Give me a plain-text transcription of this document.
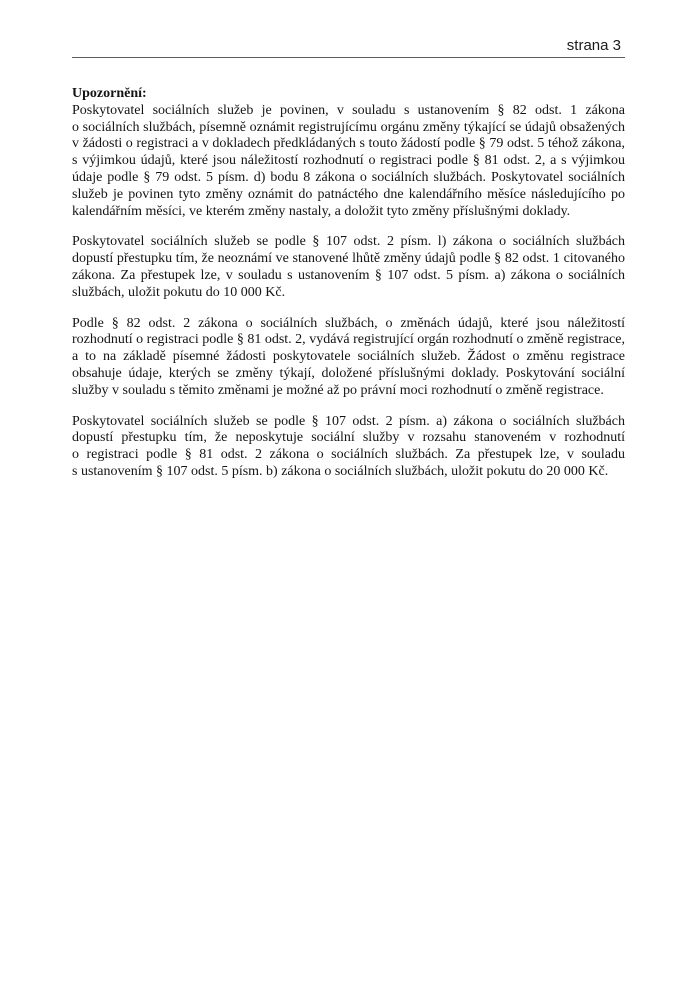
strana 3

Upozornění:

Poskytovatel sociálních služeb je povinen, v souladu s ustanovením § 82 odst. 1 zákona o sociálních službách, písemně oznámit registrujícímu orgánu změny týkající se údajů obsažených v žádosti o registraci a v dokladech předkládaných s touto žádostí podle § 79 odst. 5 téhož zákona, s výjimkou údajů, které jsou náležitostí rozhodnutí o registraci podle § 81 odst. 2, a s výjimkou údaje podle § 79 odst. 5 písm. d) bodu 8 zákona o sociálních službách. Poskytovatel sociálních služeb je povinen tyto změny oznámit do patnáctého dne kalendářního měsíce následujícího po kalendářním měsíci, ve kterém změny nastaly, a doložit tyto změny příslušnými doklady.

Poskytovatel sociálních služeb se podle § 107 odst. 2 písm. l) zákona o sociálních službách dopustí přestupku tím, že neoznámí ve stanovené lhůtě změny údajů podle § 82 odst. 1 citovaného zákona. Za přestupek lze, v souladu s ustanovením § 107 odst. 5 písm. a) zákona o sociálních službách, uložit pokutu do 10 000 Kč.

Podle § 82 odst. 2 zákona o sociálních službách, o změnách údajů, které jsou náležitostí rozhodnutí o registraci podle § 81 odst. 2, vydává registrující orgán rozhodnutí o změně registrace, a to na základě písemné žádosti poskytovatele sociálních služeb. Žádost o změnu registrace obsahuje údaje, kterých se změny týkají, doložené příslušnými doklady. Poskytování sociální služby v souladu s těmito změnami je možné až po právní moci rozhodnutí o změně registrace.

Poskytovatel sociálních služeb se podle § 107 odst. 2 písm. a) zákona o sociálních službách dopustí přestupku tím, že neposkytuje sociální služby v rozsahu stanoveném v rozhodnutí o registraci podle § 81 odst. 2 zákona o sociálních službách. Za přestupek lze, v souladu s ustanovením § 107 odst. 5 písm. b) zákona o sociálních službách, uložit pokutu do 20 000 Kč.
